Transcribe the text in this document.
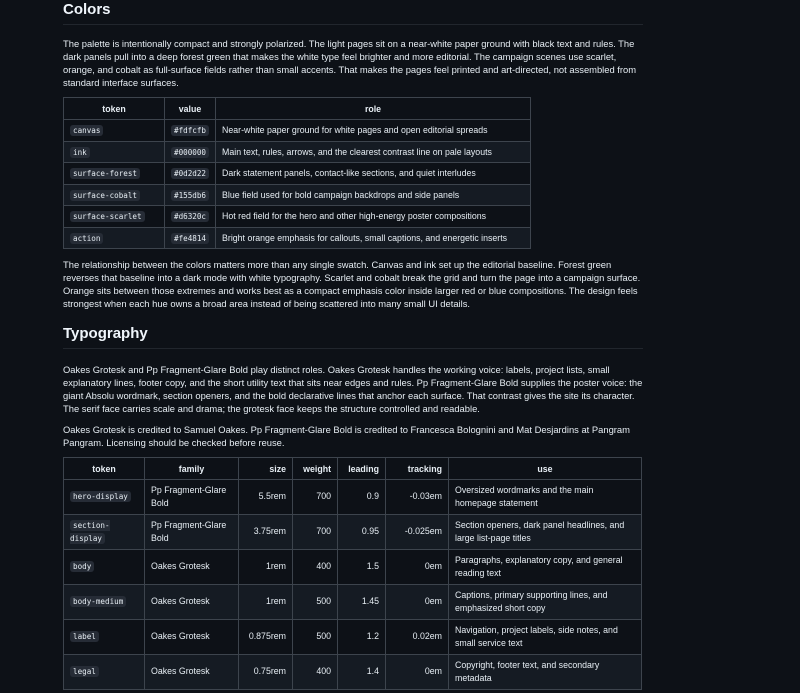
Colors

The palette is intentionally compact and strongly polarized. The light pages sit on a near-white paper ground with black text and rules. The dark panels pull into a deep forest green that makes the white type feel brighter and more editorial. The campaign scenes use scarlet, orange, and cobalt as full-surface fields rather than small accents. That makes the pages feel printed and art-directed, not assembled from standard interface surfaces.

token	value	role
canvas	#fdfcfb	Near-white paper ground for white pages and open editorial spreads
ink	#000000	Main text, rules, arrows, and the clearest contrast line on pale layouts
surface-forest	#0d2d22	Dark statement panels, contact-like sections, and quiet interludes
surface-cobalt	#155db6	Blue field used for bold campaign backdrops and side panels
surface-scarlet	#d6320c	Hot red field for the hero and other high-energy poster compositions
action	#fe4814	Bright orange emphasis for callouts, small captions, and energetic inserts

The relationship between the colors matters more than any single swatch. Canvas and ink set up the editorial baseline. Forest green reverses that baseline into a dark mode with white typography. Scarlet and cobalt break the grid and turn the page into a campaign surface. Orange sits between those extremes and works best as a compact emphasis color inside larger red or blue compositions. The design feels strongest when each hue owns a broad area instead of being scattered into many small UI details.

Typography

Oakes Grotesk and Pp Fragment-Glare Bold play distinct roles. Oakes Grotesk handles the working voice: labels, project lists, small explanatory lines, footer copy, and the short utility text that sits near edges and rules. Pp Fragment-Glare Bold supplies the poster voice: the giant Absolu wordmark, section openers, and the bold declarative lines that anchor each surface. That contrast gives the site its character. The serif face carries scale and drama; the grotesk face keeps the structure controlled and readable.

Oakes Grotesk is credited to Samuel Oakes. Pp Fragment-Glare Bold is credited to Francesca Bolognini and Mat Desjardins at Pangram Pangram. Licensing should be checked before reuse.

token	family	size	weight	leading	tracking	use
hero-display	Pp Fragment-Glare Bold	5.5rem	700	0.9	-0.03em	Oversized wordmarks and the main homepage statement
section-display	Pp Fragment-Glare Bold	3.75rem	700	0.95	-0.025em	Section openers, dark panel headlines, and large list-page titles
body	Oakes Grotesk	1rem	400	1.5	0em	Paragraphs, explanatory copy, and general reading text
body-medium	Oakes Grotesk	1rem	500	1.45	0em	Captions, primary supporting lines, and emphasized short copy
label	Oakes Grotesk	0.875rem	500	1.2	0.02em	Navigation, project labels, side notes, and small service text
legal	Oakes Grotesk	0.75rem	400	1.4	0em	Copyright, footer text, and secondary metadata
